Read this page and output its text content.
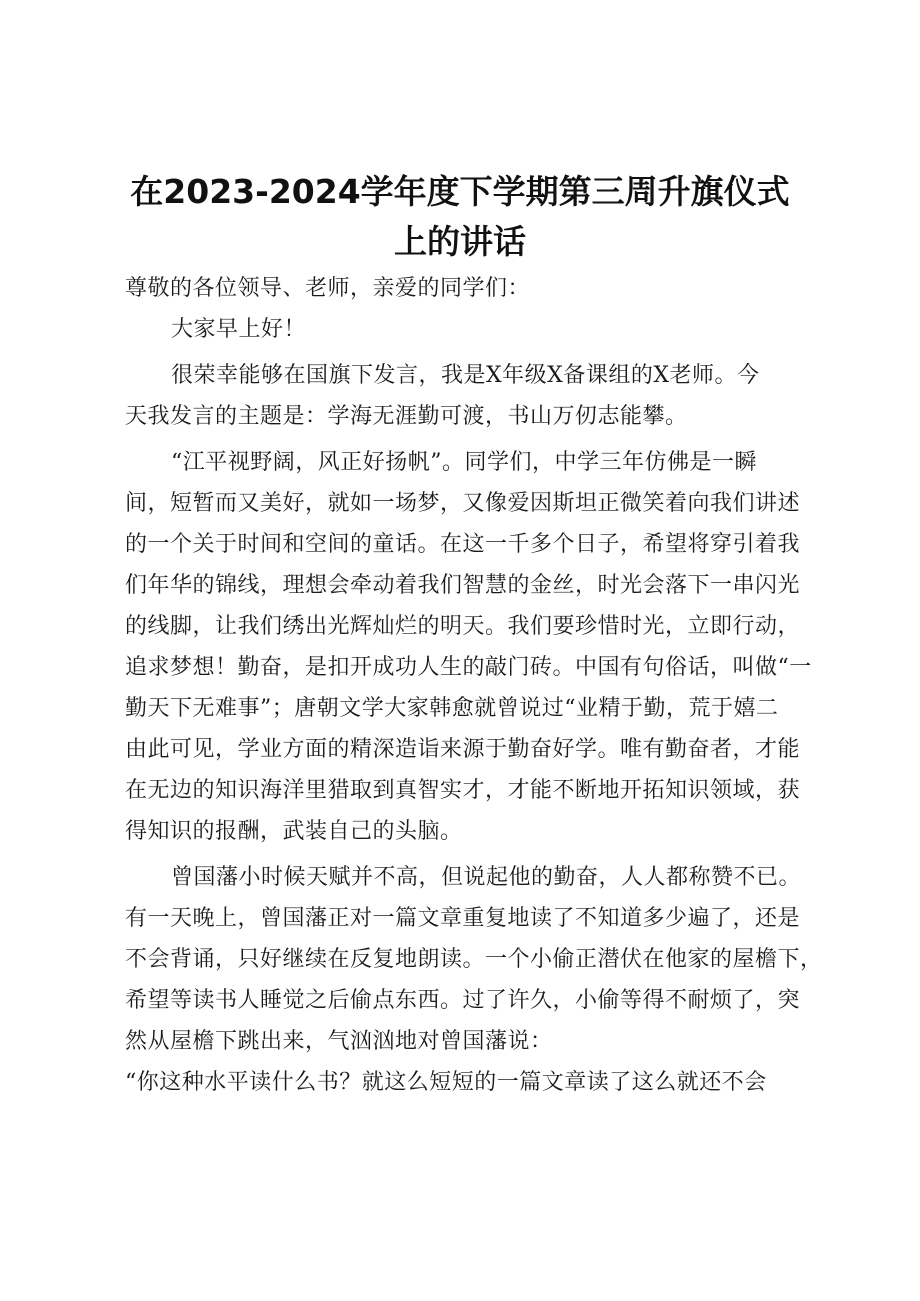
在2023-2024学年度下学期第三周升旗仪式
上的讲话
尊敬的各位领导、老师，亲爱的同学们：
大家早上好！
很荣幸能够在国旗下发言，我是X年级X备课组的X老师。今
天我发言的主题是：学海无涯勤可渡，书山万仞志能攀。
“江平视野阔，风正好扬帆”。同学们，中学三年仿佛是一瞬
间，短暂而又美好，就如一场梦，又像爱因斯坦正微笑着向我们讲述
的一个关于时间和空间的童话。在这一千多个日子，希望将穿引着我
们年华的锦线，理想会牵动着我们智慧的金丝，时光会落下一串闪光
的线脚，让我们绣出光辉灿烂的明天。我们要珍惜时光，立即行动，
追求梦想！勤奋，是扣开成功人生的敲门砖。中国有句俗话，叫做“一
勤天下无难事”；唐朝文学大家韩愈就曾说过“业精于勤，荒于嬉二
由此可见，学业方面的精深造诣来源于勤奋好学。唯有勤奋者，才能
在无边的知识海洋里猎取到真智实才，才能不断地开拓知识领域，获
得知识的报酬，武装自己的头脑。
曾国藩小时候天赋并不高，但说起他的勤奋，人人都称赞不已。
有一天晚上，曾国藩正对一篇文章重复地读了不知道多少遍了，还是
不会背诵，只好继续在反复地朗读。一个小偷正潜伏在他家的屋檐下，
希望等读书人睡觉之后偷点东西。过了许久，小偷等得不耐烦了，突
然从屋檐下跳出来，气汹汹地对曾国藩说：
“你这种水平读什么书？就这么短短的一篇文章读了这么就还不会
